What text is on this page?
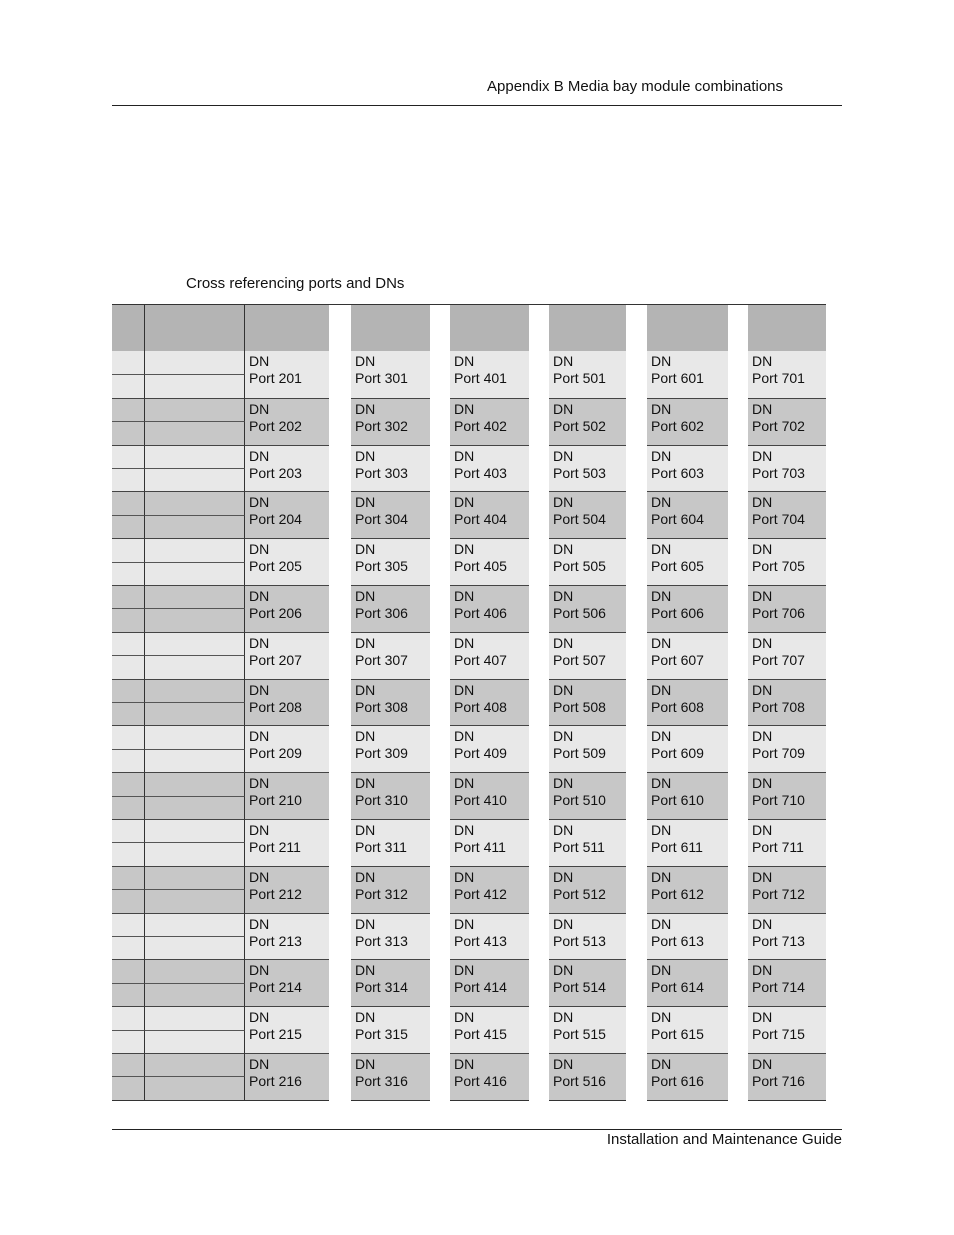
Appendix B Media bay module combinations
Cross referencing ports and DNs
DN
Port 201
DN
Port 301
DN
Port 401
DN
Port 501
DN
Port 601
DN
Port 701
DN
Port 202
DN
Port 302
DN
Port 402
DN
Port 502
DN
Port 602
DN
Port 702
DN
Port 203
DN
Port 303
DN
Port 403
DN
Port 503
DN
Port 603
DN
Port 703
DN
Port 204
DN
Port 304
DN
Port 404
DN
Port 504
DN
Port 604
DN
Port 704
DN
Port 205
DN
Port 305
DN
Port 405
DN
Port 505
DN
Port 605
DN
Port 705
DN
Port 206
DN
Port 306
DN
Port 406
DN
Port 506
DN
Port 606
DN
Port 706
DN
Port 207
DN
Port 307
DN
Port 407
DN
Port 507
DN
Port 607
DN
Port 707
DN
Port 208
DN
Port 308
DN
Port 408
DN
Port 508
DN
Port 608
DN
Port 708
DN
Port 209
DN
Port 309
DN
Port 409
DN
Port 509
DN
Port 609
DN
Port 709
DN
Port 210
DN
Port 310
DN
Port 410
DN
Port 510
DN
Port 610
DN
Port 710
DN
Port 211
DN
Port 311
DN
Port 411
DN
Port 511
DN
Port 611
DN
Port 711
DN
Port 212
DN
Port 312
DN
Port 412
DN
Port 512
DN
Port 612
DN
Port 712
DN
Port 213
DN
Port 313
DN
Port 413
DN
Port 513
DN
Port 613
DN
Port 713
DN
Port 214
DN
Port 314
DN
Port 414
DN
Port 514
DN
Port 614
DN
Port 714
DN
Port 215
DN
Port 315
DN
Port 415
DN
Port 515
DN
Port 615
DN
Port 715
DN
Port 216
DN
Port 316
DN
Port 416
DN
Port 516
DN
Port 616
DN
Port 716
Installation and Maintenance Guide
